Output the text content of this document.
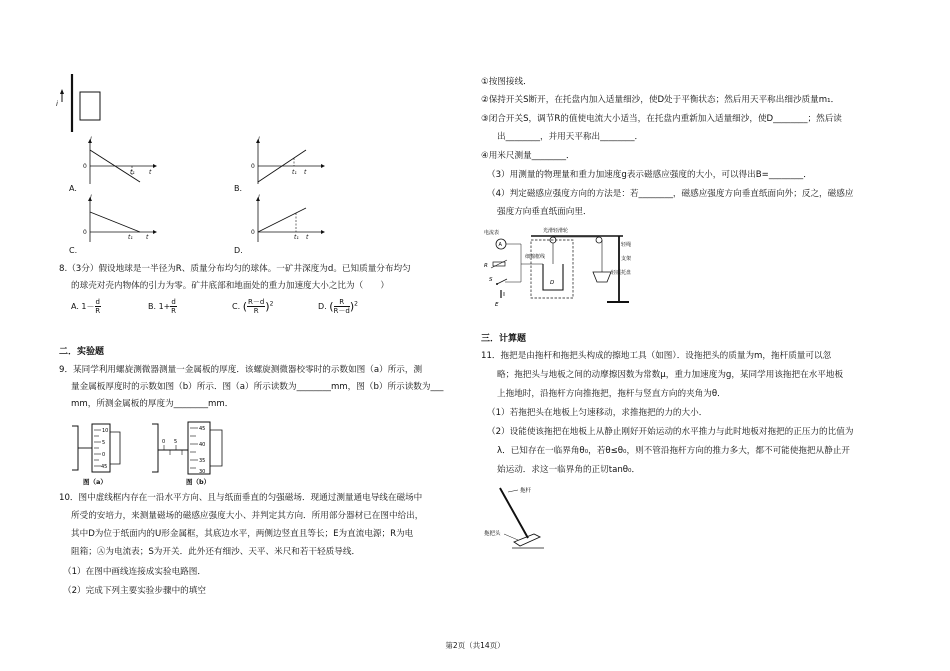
i
I
0
t₁ t
A.
I
0
t₁ t
B.
I
0
t₁ t
C.
I
0
t₁ t
D.
8.（3分）假设地球是一半径为R、质量分布均匀的球体。一矿井深度为d。已知质量分布均匀
的球壳对壳内物体的引力为零。矿井底部和地面处的重力加速度大小之比为（　　）
A. $1- \frac{d}{R}$	B. $1+ \frac{d}{R}$	C. ( $\frac{R-d}{R} )^2$	D. ( $\frac{R}{R-d} )^2$
二．实验题
9．某同学利用螺旋测微器测量一金属板的厚度．该螺旋测微器校零时的示数如图（a）所示，测
量金属板厚度时的示数如图（b）所示．图（a）所示读数为________mm，图（b）所示读数为___
mm，所测金属板的厚度为________mm．
10
5
0
45
图（a）
0 5
45
40
35
30
图（b）
10．图中虚线框内存在一沿水平方向、且与纸面垂直的匀强磁场．现通过测量通电导线在磁场中
所受的安培力，来测量磁场的磁感应强度大小、并判定其方向．所用部分器材已在图中给出，
其中D为位于纸面内的U形金属框，其底边水平，两侧边竖直且等长；E为直流电源；R为电
阻箱；Ⓐ为电流表；S为开关．此外还有细沙、天平、米尺和若干轻质导线．
（1）在图中画线连接成实验电路图．
（2）完成下列主要实验步骤中的填空
①按图接线．
②保持开关S断开，在托盘内加入适量细沙，使D处于平衡状态；然后用天平称出细沙质量m₁．
③闭合开关S，调节R的值使电流大小适当，在托盘内重新加入适量细沙，使D________；然后读
出________，并用天平称出________．
④用米尺测量________．
（3）用测量的物理量和重力加速度g表示磁感应强度的大小，可以得出B=________．
（4）判定磁感应强度方向的方法是：若________，磁感应强度方向垂直纸面向外；反之，磁感应
强度方向垂直纸面向里．
A
电流表
R
S
E
细棉框线
D
光滑轻滑轮
轻质托盘
轻绳
支架
三．计算题
11．拖把是由拖杆和拖把头构成的擦地工具（如图）．设拖把头的质量为m，拖杆质量可以忽
略；拖把头与地板之间的动摩擦因数为常数μ，重力加速度为g，某同学用该拖把在水平地板
上拖地时，沿拖杆方向推拖把，拖杆与竖直方向的夹角为θ．
（1）若拖把头在地板上匀速移动，求推拖把的力的大小．
（2）设能使该拖把在地板上从静止刚好开始运动的水平推力与此时地板对拖把的正压力的比值为
λ．已知存在一临界角θ₀，若θ≤θ₀，则不管沿拖杆方向的推力多大，都不可能使拖把从静止开
始运动．求这一临界角的正切tanθ₀．
拖杆
拖把头
第2页（共14页）
